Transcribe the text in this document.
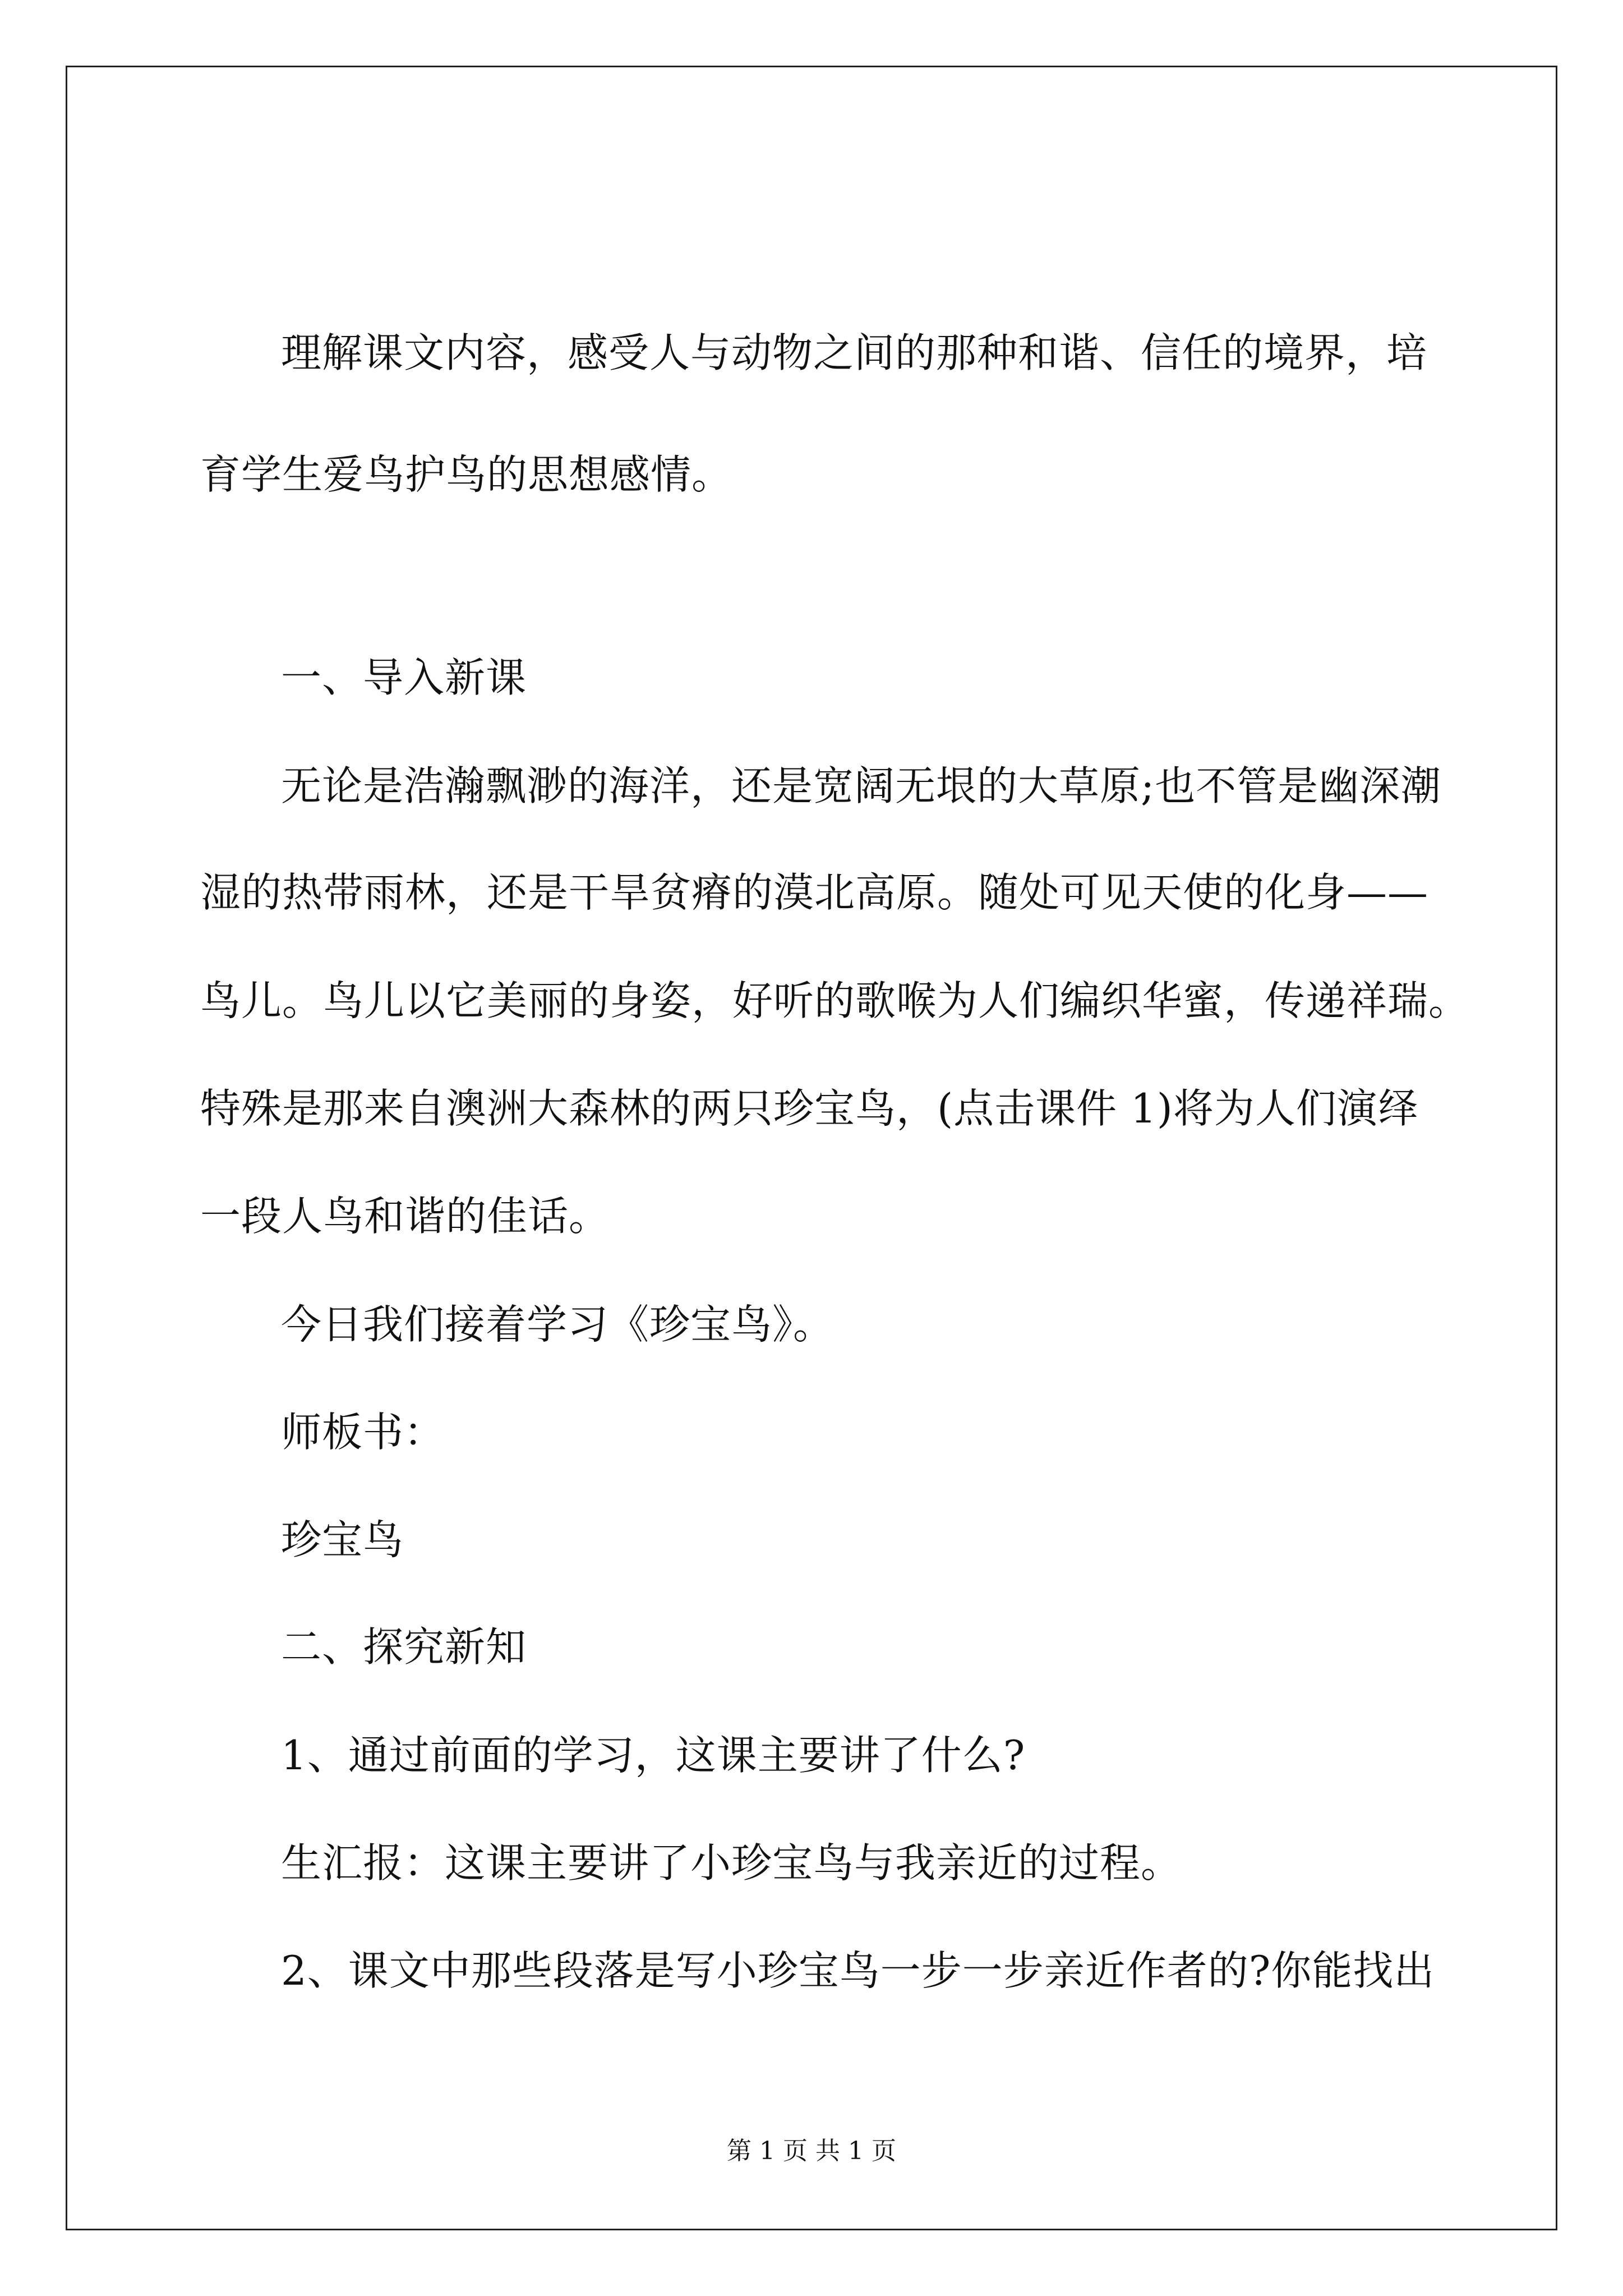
理解课文内容，感受人与动物之间的那种和谐、信任的境界，培
育学生爱鸟护鸟的思想感情。
一、导入新课
无论是浩瀚飘渺的海洋，还是宽阔无垠的大草原;也不管是幽深潮
湿的热带雨林，还是干旱贫瘠的漠北高原。随处可见天使的化身——
鸟儿。鸟儿以它美丽的身姿，好听的歌喉为人们编织华蜜，传递祥瑞。
特殊是那来自澳洲大森林的两只珍宝鸟，(点击课件 1)将为人们演绎
一段人鸟和谐的佳话。
今日我们接着学习《珍宝鸟》。
师板书：
珍宝鸟
二、探究新知
1、通过前面的学习，这课主要讲了什么?
生汇报：这课主要讲了小珍宝鸟与我亲近的过程。
2、课文中那些段落是写小珍宝鸟一步一步亲近作者的?你能找出
第 1 页 共 1 页
